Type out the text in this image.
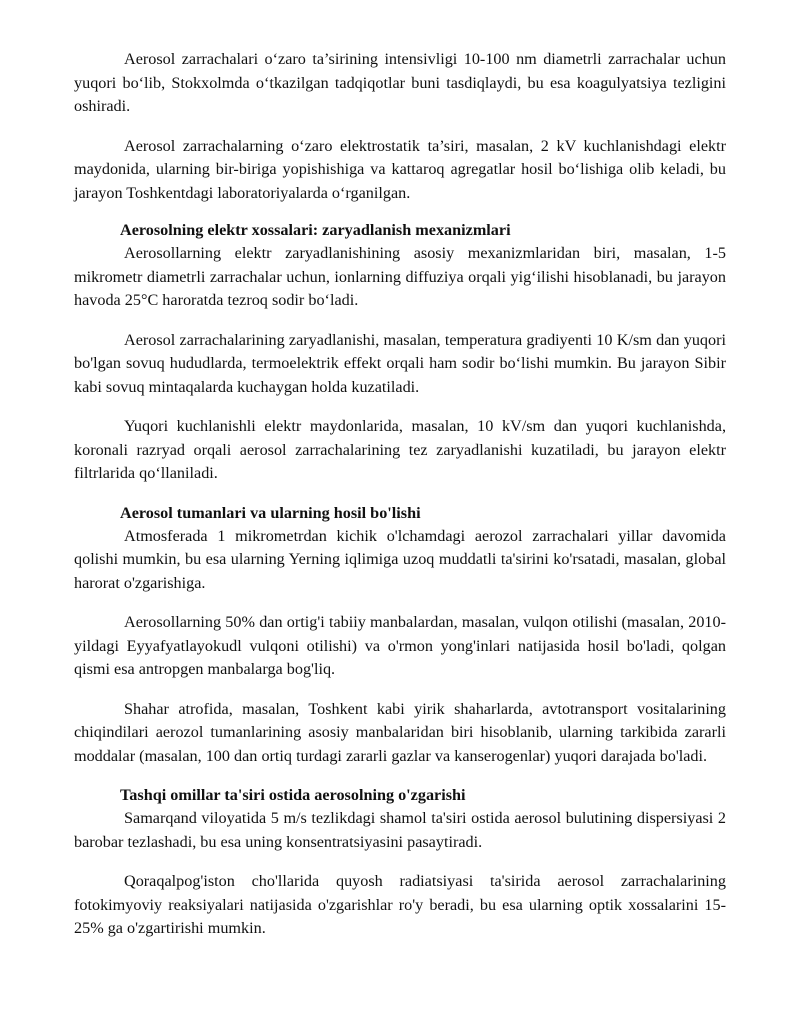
Aerosol zarrachalari o‘zaro ta’sirining intensivligi 10-100 nm diametrli zarrachalar uchun yuqori bo‘lib, Stokxolmda o‘tkazilgan tadqiqotlar buni tasdiqlaydi, bu esa koagulyatsiya tezligini oshiradi.

Aerosol zarrachalarning o‘zaro elektrostatik ta’siri, masalan, 2 kV kuchlanishdagi elektr maydonida, ularning bir-biriga yopishishiga va kattaroq agregatlar hosil bo‘lishiga olib keladi, bu jarayon Toshkentdagi laboratoriyalarda o‘rganilgan.

Aerosolning elektr xossalari: zaryadlanish mexanizmlari

Aerosollarning elektr zaryadlanishining asosiy mexanizmlaridan biri, masalan, 1-5 mikrometr diametrli zarrachalar uchun, ionlarning diffuziya orqali yig‘ilishi hisoblanadi, bu jarayon havoda 25°C haroratda tezroq sodir bo‘ladi.

Aerosol zarrachalarining zaryadlanishi, masalan, temperatura gradiyenti 10 K/sm dan yuqori bo'lgan sovuq hududlarda, termoelektrik effekt orqali ham sodir bo‘lishi mumkin. Bu jarayon Sibir kabi sovuq mintaqalarda kuchaygan holda kuzatiladi.

Yuqori kuchlanishli elektr maydonlarida, masalan, 10 kV/sm dan yuqori kuchlanishda, koronali razryad orqali aerosol zarrachalarining tez zaryadlanishi kuzatiladi, bu jarayon elektr filtrlarida qo‘llaniladi.

Aerosol tumanlari va ularning hosil bo'lishi

Atmosferada 1 mikrometrdan kichik o'lchamdagi aerozol zarrachalari yillar davomida qolishi mumkin, bu esa ularning Yerning iqlimiga uzoq muddatli ta'sirini ko'rsatadi, masalan, global harorat o'zgarishiga.

Aerosollarning 50% dan ortig'i tabiiy manbalardan, masalan, vulqon otilishi (masalan, 2010-yildagi Eyyafyatlayokudl vulqoni otilishi) va o'rmon yong'inlari natijasida hosil bo'ladi, qolgan qismi esa antropgen manbalarga bog'liq.

Shahar atrofida, masalan, Toshkent kabi yirik shaharlarda, avtotransport vositalarining chiqindilari aerozol tumanlarining asosiy manbalaridan biri hisoblanib, ularning tarkibida zararli moddalar (masalan, 100 dan ortiq turdagi zararli gazlar va kanserogenlar) yuqori darajada bo'ladi.

Tashqi omillar ta'siri ostida aerosolning o'zgarishi

Samarqand viloyatida 5 m/s tezlikdagi shamol ta'siri ostida aerosol bulutining dispersiyasi 2 barobar tezlashadi, bu esa uning konsentratsiyasini pasaytiradi.

Qoraqalpog'iston cho'llarida quyosh radiatsiyasi ta'sirida aerosol zarrachalarining fotokimyoviy reaksiyalari natijasida o'zgarishlar ro'y beradi, bu esa ularning optik xossalarini 15-25% ga o'zgartirishi mumkin.
